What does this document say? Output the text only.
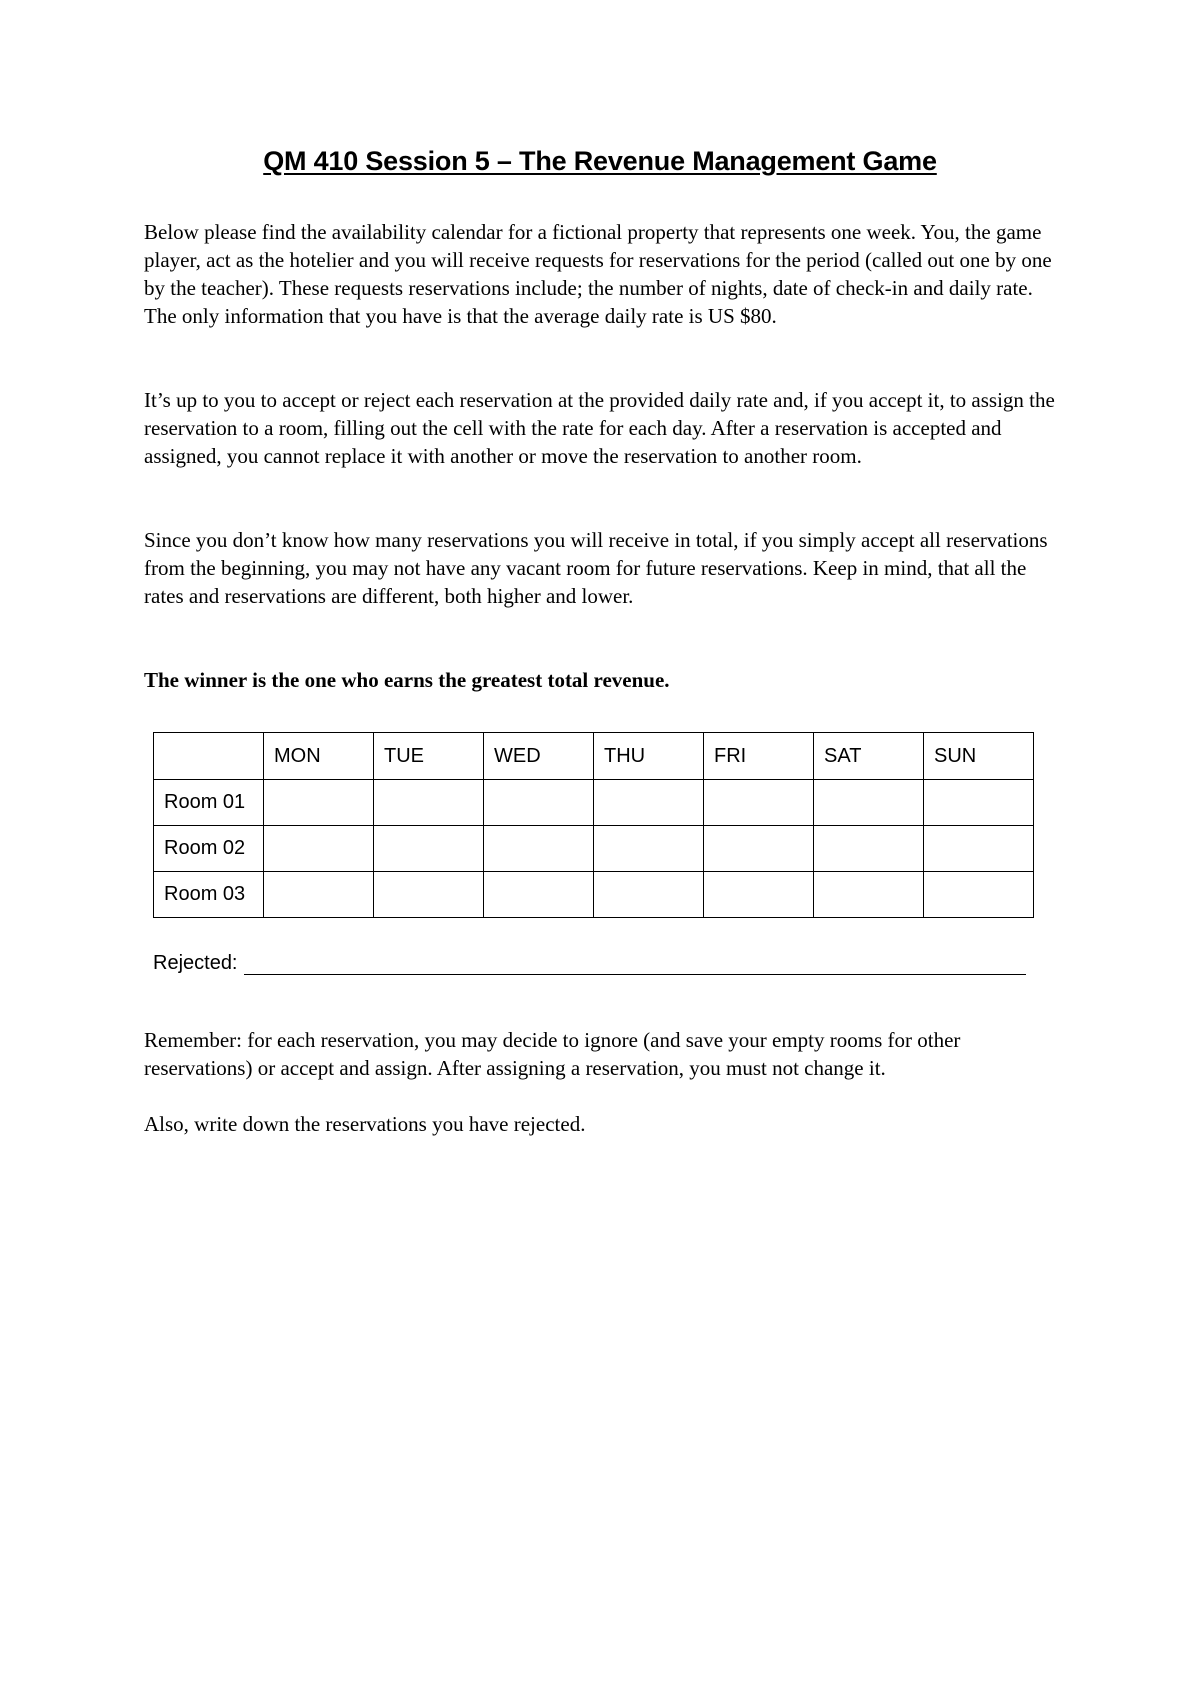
QM 410 Session 5 – The Revenue Management Game

Below please find the availability calendar for a fictional property that represents one week. You, the game player, act as the hotelier and you will receive requests for reservations for the period (called out one by one by the teacher). These requests reservations include; the number of nights, date of check-in and daily rate. The only information that you have is that the average daily rate is US $80.

It’s up to you to accept or reject each reservation at the provided daily rate and, if you accept it, to assign the reservation to a room, filling out the cell with the rate for each day. After a reservation is accepted and assigned, you cannot replace it with another or move the reservation to another room.

Since you don’t know how many reservations you will receive in total, if you simply accept all reservations from the beginning, you may not have any vacant room for future reservations. Keep in mind, that all the rates and reservations are different, both higher and lower.

The winner is the one who earns the greatest total revenue.

	MON	TUE	WED	THU	FRI	SAT	SUN
Room 01							
Room 02							
Room 03							
Rejected:

Remember: for each reservation, you may decide to ignore (and save your empty rooms for other reservations) or accept and assign. After assigning a reservation, you must not change it.

Also, write down the reservations you have rejected.
